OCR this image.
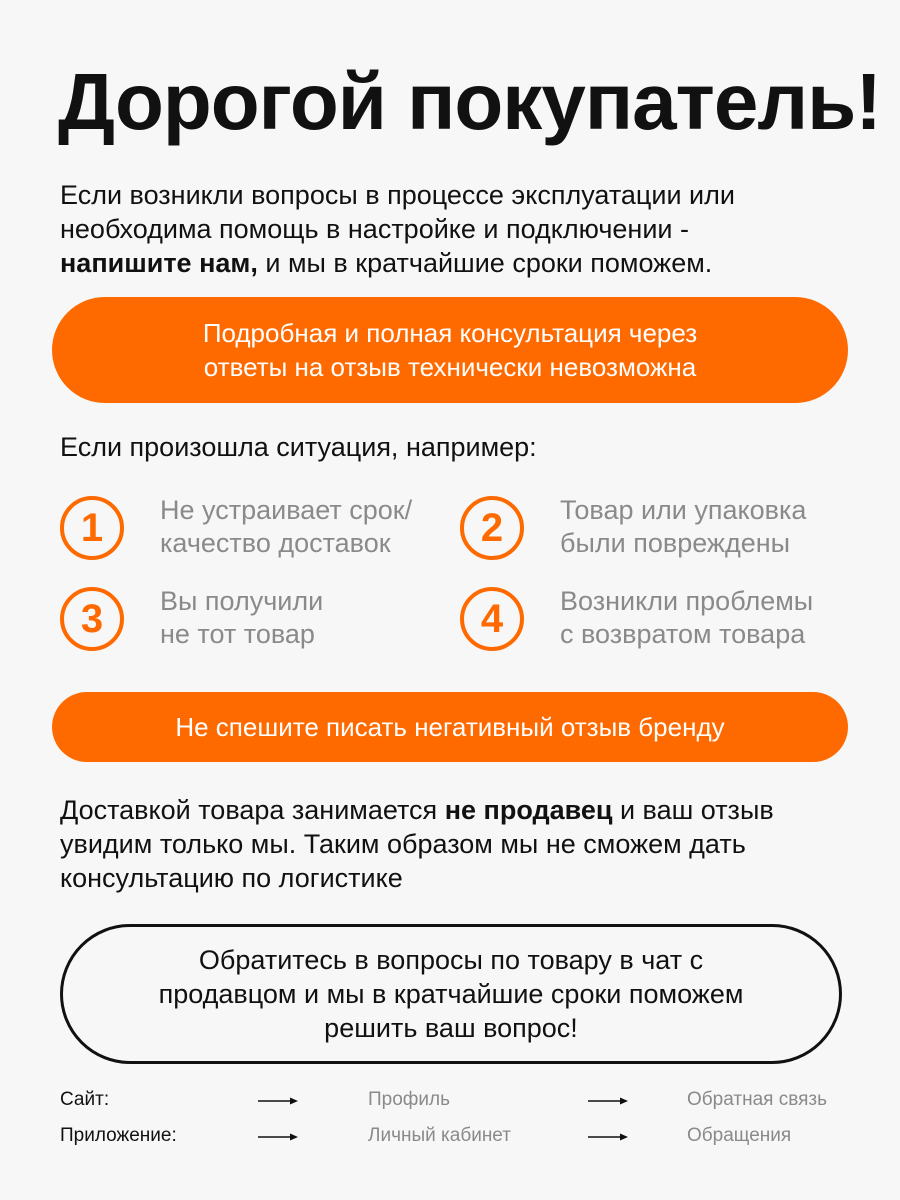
Дорогой покупатель!
Если возникли вопросы в процессе эксплуатации или
необходима помощь в настройке и подключении -
напишите нам, и мы в кратчайшие сроки поможем.
Подробная и полная консультация через
ответы на отзыв технически невозможна
Если произошла ситуация, например:
1	Не устраивает срок/
качество доставок	2	Товар или упаковка
были повреждены
3	Вы получили
не тот товар	4	Возникли проблемы
с возвратом товара
Не спешите писать негативный отзыв бренду
Доставкой товара занимается не продавец и ваш отзыв
увидим только мы. Таким образом мы не сможем дать
консультацию по логистике
Обратитесь в вопросы по товару в чат с
продавцом и мы в кратчайшие сроки поможем
решить ваш вопрос!
Сайт:	Профиль	Обратная связь
Приложение:	Личный кабинет	Обращения
